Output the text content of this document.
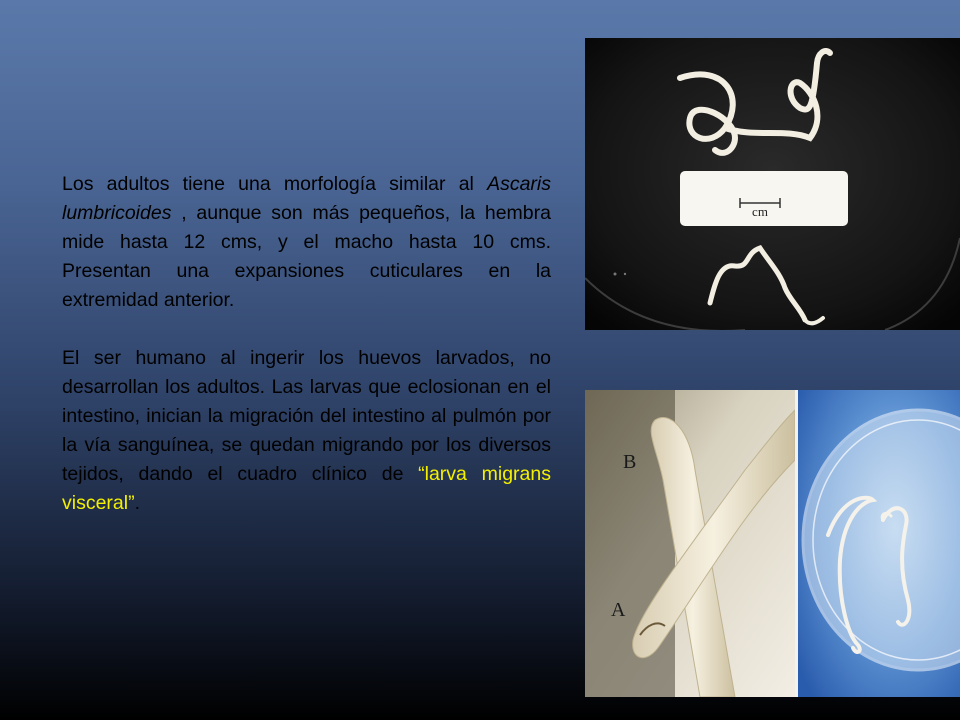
Los adultos tiene una morfología similar al Ascaris lumbricoides , aunque son más pequeños, la hembra mide hasta 12 cms, y el macho hasta 10 cms. Presentan una expansiones cuticulares en la extremidad anterior.

El ser humano al ingerir los huevos larvados, no desarrollan los adultos. Las larvas que eclosionan en el intestino, inician la migración del intestino al pulmón por la vía sanguínea, se quedan migrando por los diversos tejidos, dando el cuadro clínico de “larva migrans visceral”.

cm
B
A
